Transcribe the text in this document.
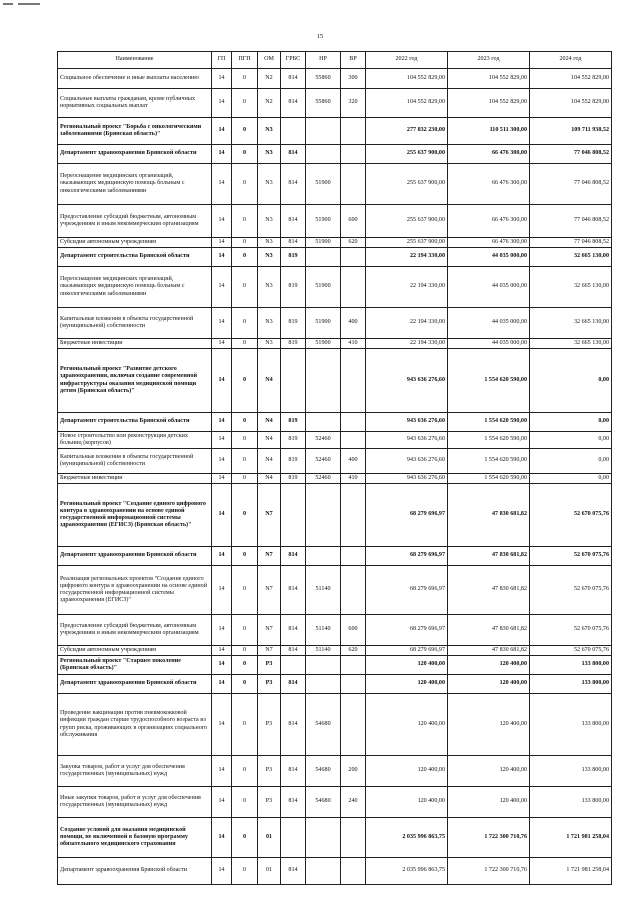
15
Наименование	ГП	ПГП	ОМ	ГРБС	НР	ВР	2022 год	2023 год	2024 год
Социальное обеспечение и иные выплаты населению	14	0	N2	814	55860	300	104 552 829,00	104 552 829,00	104 552 829,00
Социальные выплаты гражданам, кроме публичных нормативных социальных выплат	14	0	N2	814	55860	320	104 552 829,00	104 552 829,00	104 552 829,00
Региональный проект "Борьба с онкологическими заболеваниями (Брянская область)"	14	0	N3				277 832 230,00	110 511 300,00	109 711 938,52
Департамент здравоохранения Брянской области	14	0	N3	814			255 637 900,00	66 476 300,00	77 046 808,52
Переоснащение медицинских организаций, оказывающих медицинскую помощь больным с онкологическими заболеваниями	14	0	N3	814	51900		255 637 900,00	66 476 300,00	77 046 808,52
Предоставление субсидий бюджетным, автономным учреждениям и иным некоммерческим организациям	14	0	N3	814	51900	600	255 637 900,00	66 476 300,00	77 046 808,52
Субсидии автономным учреждениям	14	0	N3	814	51900	620	255 637 900,00	66 476 300,00	77 046 808,52
Департамент строительства Брянской области	14	0	N3	819			22 194 330,00	44 035 000,00	32 665 130,00
Переоснащение медицинских организаций, оказывающих медицинскую помощь больным с онкологическими заболеваниями	14	0	N3	819	51900		22 194 330,00	44 035 000,00	32 665 130,00
Капитальные вложения в объекты государственной (муниципальной) собственности	14	0	N3	819	51900	400	22 194 330,00	44 035 000,00	32 665 130,00
Бюджетные инвестиции	14	0	N3	819	51900	410	22 194 330,00	44 035 000,00	32 665 130,00
Региональный проект "Развитие детского здравоохранения, включая создание современной инфраструктуры оказания медицинской помощи детям (Брянская область)"	14	0	N4				943 636 276,60	1 554 620 590,00	0,00
Департамент строительства Брянской области	14	0	N4	819			943 636 276,60	1 554 620 590,00	0,00
Новое строительство или реконструкция детских больниц (корпусов)	14	0	N4	819	52460		943 636 276,60	1 554 620 590,00	0,00
Капитальные вложения в объекты государственной (муниципальной) собственности	14	0	N4	819	52460	400	943 636 276,60	1 554 620 590,00	0,00
Бюджетные инвестиции	14	0	N4	819	52460	410	943 636 276,60	1 554 620 590,00	0,00
Региональный проект "Создание единого цифрового контура в здравоохранении на основе единой государственной информационной системы здравоохранения (ЕГИСЗ) (Брянская область)"	14	0	N7				68 279 696,97	47 830 681,82	52 670 075,76
Департамент здравоохранения Брянской области	14	0	N7	814			68 279 696,97	47 830 681,82	52 670 075,76
Реализация региональных проектов "Создание единого цифрового контура в здравоохранении на основе единой государственной информационной системы здравоохранения (ЕГИСЗ)"	14	0	N7	814	51140		68 279 696,97	47 830 681,82	52 670 075,76
Предоставление субсидий бюджетным, автономным учреждениям и иным некоммерческим организациям	14	0	N7	814	51140	600	68 279 696,97	47 830 681,82	52 670 075,76
Субсидии автономным учреждениям	14	0	N7	814	51140	620	68 279 696,97	47 830 681,82	52 670 075,76
Региональный проект "Старшее поколение (Брянская область)"	14	0	P3				120 400,00	120 400,00	133 800,00
Департамент здравоохранения Брянской области	14	0	P3	814			120 400,00	120 400,00	133 800,00
Проведение вакцинации против пневмококковой инфекции граждан старше трудоспособного возраста из групп риска, проживающих в организациях социального обслуживания	14	0	P3	814	54680		120 400,00	120 400,00	133 800,00
Закупка товаров, работ и услуг для обеспечения государственных (муниципальных) нужд	14	0	P3	814	54680	200	120 400,00	120 400,00	133 800,00
Иные закупки товаров, работ и услуг для обеспечения государственных (муниципальных) нужд	14	0	P3	814	54680	240	120 400,00	120 400,00	133 800,00
Создание условий для оказания медицинской помощи, не включенной в базовую программу обязательного медицинского страхования	14	0	01				2 035 996 863,75	1 722 300 710,76	1 721 981 258,04
Департамент здравоохранения Брянской области	14	0	01	814			2 035 996 863,75	1 722 300 710,76	1 721 981 258,04
